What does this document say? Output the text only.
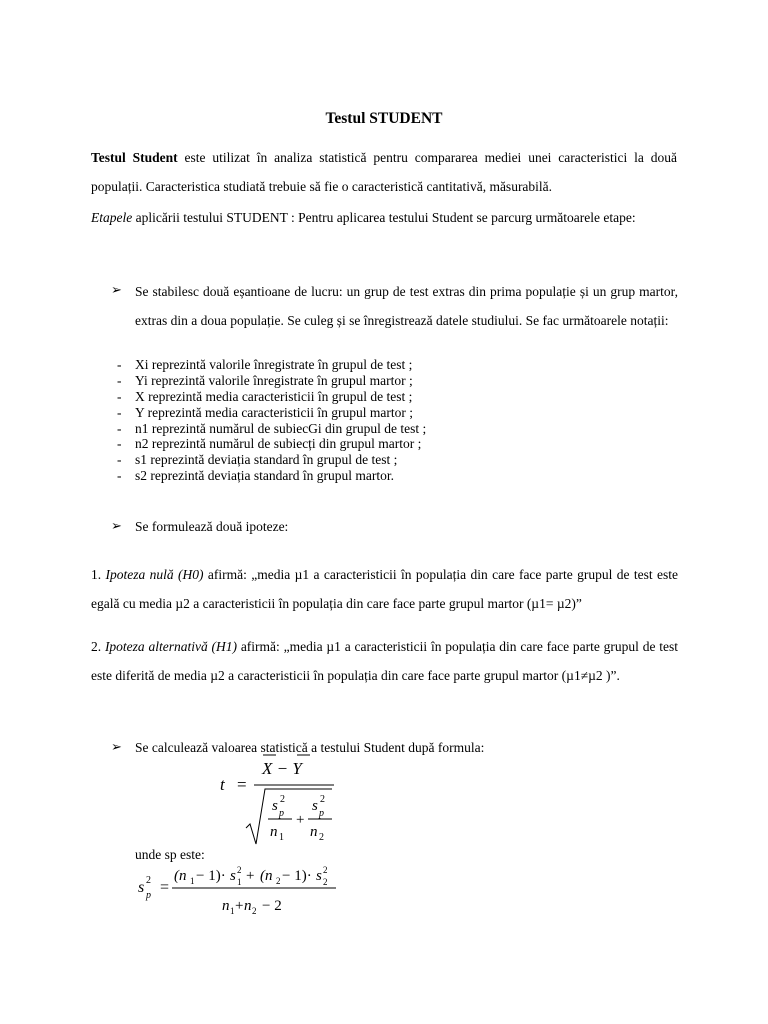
Testul STUDENT
Testul Student este utilizat în analiza statistică pentru compararea mediei unei caracteristici la două populații. Caracteristica studiată trebuie să fie o caracteristică cantitativă, măsurabilă.
Etapele aplicării testului STUDENT : Pentru aplicarea testului Student se parcurg următoarele etape:
➢ Se stabilesc două eșantioane de lucru: un grup de test extras din prima populație și un grup martor, extras din a doua populație. Se culeg și se înregistrează datele studiului. Se fac următoarele notații:
- Xi reprezintă valorile înregistrate în grupul de test ;
- Yi reprezintă valorile înregistrate în grupul martor ;
- X reprezintă media caracteristicii în grupul de test ;
- Y reprezintă media caracteristicii în grupul martor ;
- n1 reprezintă numărul de subiecGi din grupul de test ;
- n2 reprezintă numărul de subiecți din grupul martor ;
- s1 reprezintă deviația standard în grupul de test ;
- s2 reprezintă deviația standard în grupul martor.
➢ Se formulează două ipoteze:
1. Ipoteza nulă (H0) afirmă: „media µ1 a caracteristicii în populația din care face parte grupul de test este egală cu media µ2 a caracteristicii în populația din care face parte grupul martor (µ1= µ2)”
2. Ipoteza alternativă (H1) afirmă: „media µ1 a caracteristicii în populația din care face parte grupul de test este diferită de media µ2 a caracteristicii în populația din care face parte grupul martor (µ1≠µ2 )”.
➢ Se calculează valoarea statistică a testului Student după formula:
t =
X − Y
s 2
p
n 1
+
s 2
p
n 2
unde sp este:
s 2
p =
(n 1 − 1)· s 2
1 + (n 2 − 1)· s 2
2
n 1 + n 2 − 2
